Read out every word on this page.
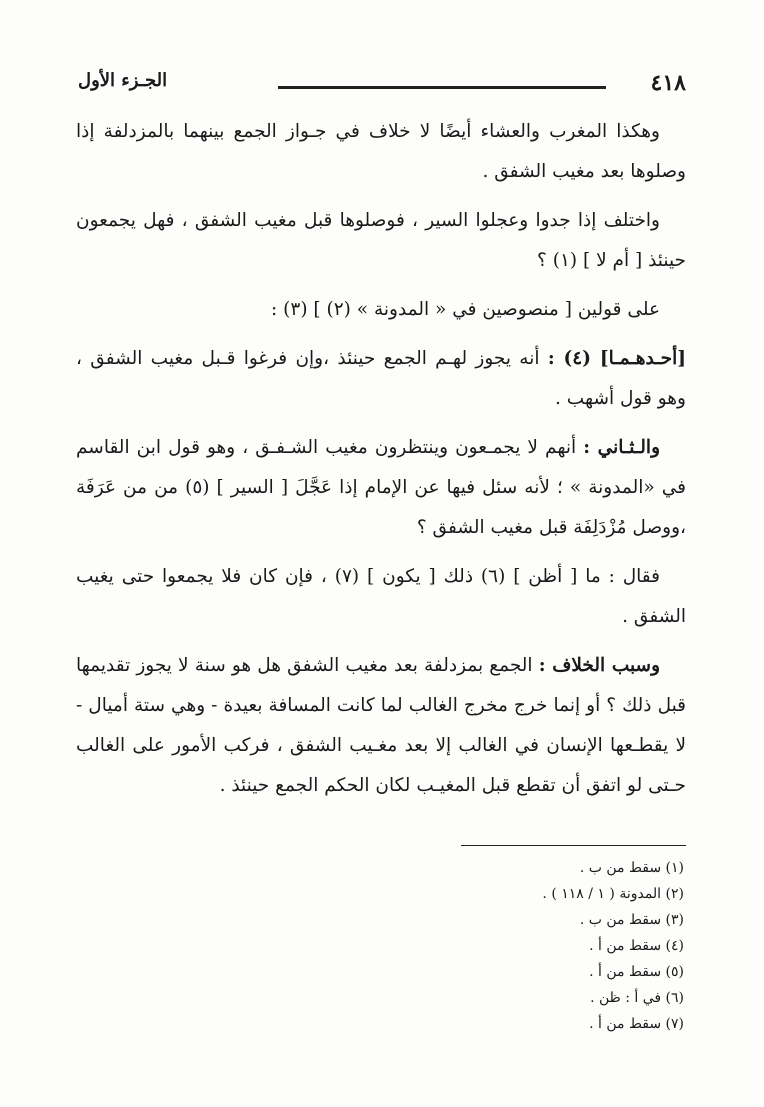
٤١٨
الجـزء الأول

وهكذا المغرب والعشاء أيضًا لا خلاف في جـواز الجمع بينهما بالمزدلفة إذا وصلوها بعد مغيب الشفق .

واختلف إذا جدوا وعجلوا السير ، فوصلوها قبل مغيب الشفق ، فهل يجمعون حينئذ [ أم لا ] (١) ؟

على قولين [ منصوصين في « المدونة » (٢) ] (٣) :

[أحـدهـمـا] (٤) : أنه يجوز لهـم الجمع حينئذ ،وإن فرغوا قـبل مغيب الشفق ، وهو قول أشهب .

والـثـاني : أنهم لا يجمـعون وينتظرون مغيب الشـفـق ، وهو قول ابن القاسم في «المدونة » ؛ لأنه سئل فيها عن الإمام إذا عَجَّلَ [ السير ] (٥) من من عَرَفَة ،ووصل مُزْدَلِفَة قبل مغيب الشفق ؟

فقال : ما [ أظن ] (٦) ذلك [ يكون ] (٧) ، فإن كان فلا يجمعوا حتى يغيب الشفق .

وسبب الخلاف : الجمع بمزدلفة بعد مغيب الشفق هل هو سنة لا يجوز تقديمها قبل ذلك ؟ أو إنما خرج مخرج الغالب لما كانت المسافة بعيدة - وهي ستة أميال - لا يقطـعها الإنسان في الغالب إلا بعد مغـيب الشفق ، فركب الأمور على الغالب حـتى لو اتفق أن تقطع قبل المغيـب لكان الحكم الجمع حينئذ .

(١) سقط من ب .
(٢) المدونة ( ١ / ١١٨ ) .
(٣) سقط من ب .
(٤) سقط من أ .
(٥) سقط من أ .
(٦) في أ : ظن .
(٧) سقط من أ .
